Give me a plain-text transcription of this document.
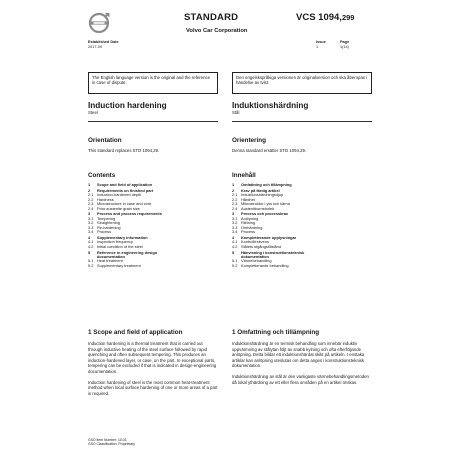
Established Date
2017-09
STANDARD	VCS 1094,299
Volvo Car Corporation
Issue
1
Page
1(14)
The English language version is the original and the reference in case of dispute.
Den engelskspråkiga versionen är originalversion och ska åberopas i händelse av tvist.
Induction hardening
Steel
Induktionshärdning
Stål
Orientation
This standard replaces STD 1094,29.
Orientering
Denna standard ersätter STD 1094,29.
Contents
1	Scope and field of application
2	Requirements on finished part
2.1 Induction-hardened depth
2.2 Hardness
2.3 Microstructure in case and core
2.4 Prior austenite grain size
3	Process and process requirements
3.1 Tempering
3.2 Straightening
3.3 Re-hardening
3.4 Process
4	Supplementary information
4.1 Inspection frequency
4.2 Initial condition of the steel
5	Reference in engineering design
documentation
5.1 Heat treatment
5.2 Supplementary treatment
Innehåll
1	Omfattning och tillämpning
2	Krav på färdig artikel
2.1 Induktionshärdningsdjup
2.2 Hårdhet
2.3 Mikrostruktur i yta och kärna
2.4 Austenitkornstorlek
3	Process och processkrav
3.1 Anlöpning
3.2 Riktning
3.3 Omhärdning
3.4 Process
4	Kompletterande upplysningar
4.1 Kontrollfrekvens
4.2 Stålets utgångstillstånd
5	Hänvisning i konstruktionsteknisk
dokumentation
5.1 Värmebehandling
5.2 Kompletterande behandling
1 Scope and field of application
Induction hardening is a thermal treatment that is carried out through inductive heating of the steel surface followed by rapid quenching and often subsequent tempering. This produces an induction-hardened layer, or case, on the part. In exceptional parts, tempering can be excluded if that is indicated in design-engineering documentation.
Induction hardening of steel is the most common heat-treatment method when local surface hardening of one or more areas of a part is required.
1 Omfattning och tillämpning
Induktionshärdning är en termisk behandling som innebär induktiv uppvärmning av stålytan följt av snabb kylning och ofta efterföljande anlöpning. Detta bildar ett induktionshärdat skikt på artikeln. I enstaka artiklar kan anlöpning uteslutas om detta anges i konstruktionsteknisk dokumentation.
Induktionshärdning av stål är den vanligaste värmebehandlingsmetoden då lokal ythärdning av ett eller flera områden på en artikel önskas.
GSO Item Number: 10.03
GSO Classification: Proprietary
